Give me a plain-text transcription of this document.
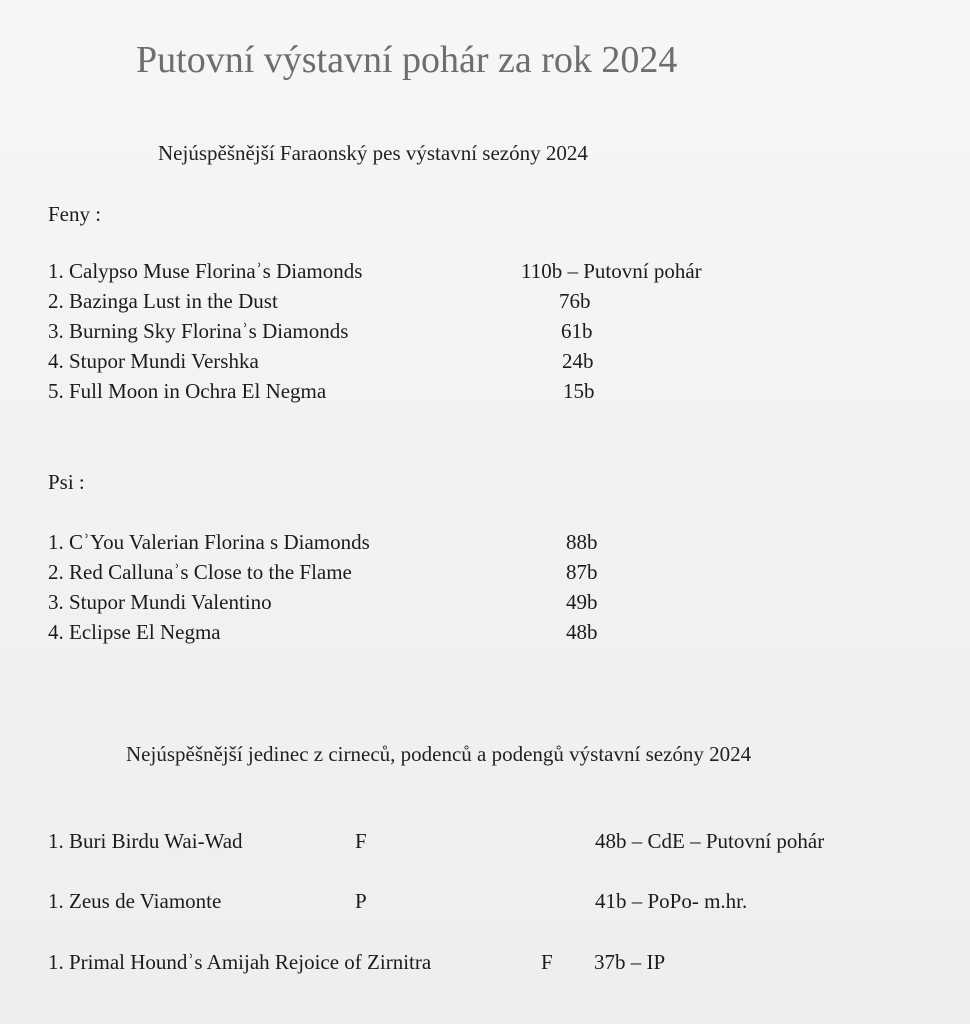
Putovní výstavní pohár za rok 2024
Nejúspěšnější Faraonský pes výstavní sezóny 2024
Feny :
1. Calypso Muse Florinaʾs Diamonds	110b – Putovní pohár
2. Bazinga Lust in the Dust	76b
3. Burning Sky Florinaʾs Diamonds	61b
4. Stupor Mundi Vershka	24b
5. Full Moon in Ochra El Negma	15b
Psi :
1. CʾYou Valerian Florina s Diamonds	88b
2. Red Callunaʾs Close to the Flame	87b
3. Stupor Mundi Valentino	49b
4. Eclipse El Negma	48b
Nejúspěšnější jedinec z cirneců, podenců a podengů výstavní sezóny 2024
1. Buri Birdu Wai-Wad	F	48b – CdE – Putovní pohár
1. Zeus de Viamonte	P	41b – PoPo- m.hr.
1. Primal Houndʾs Amijah Rejoice of Zirnitra	F 37b – IP
